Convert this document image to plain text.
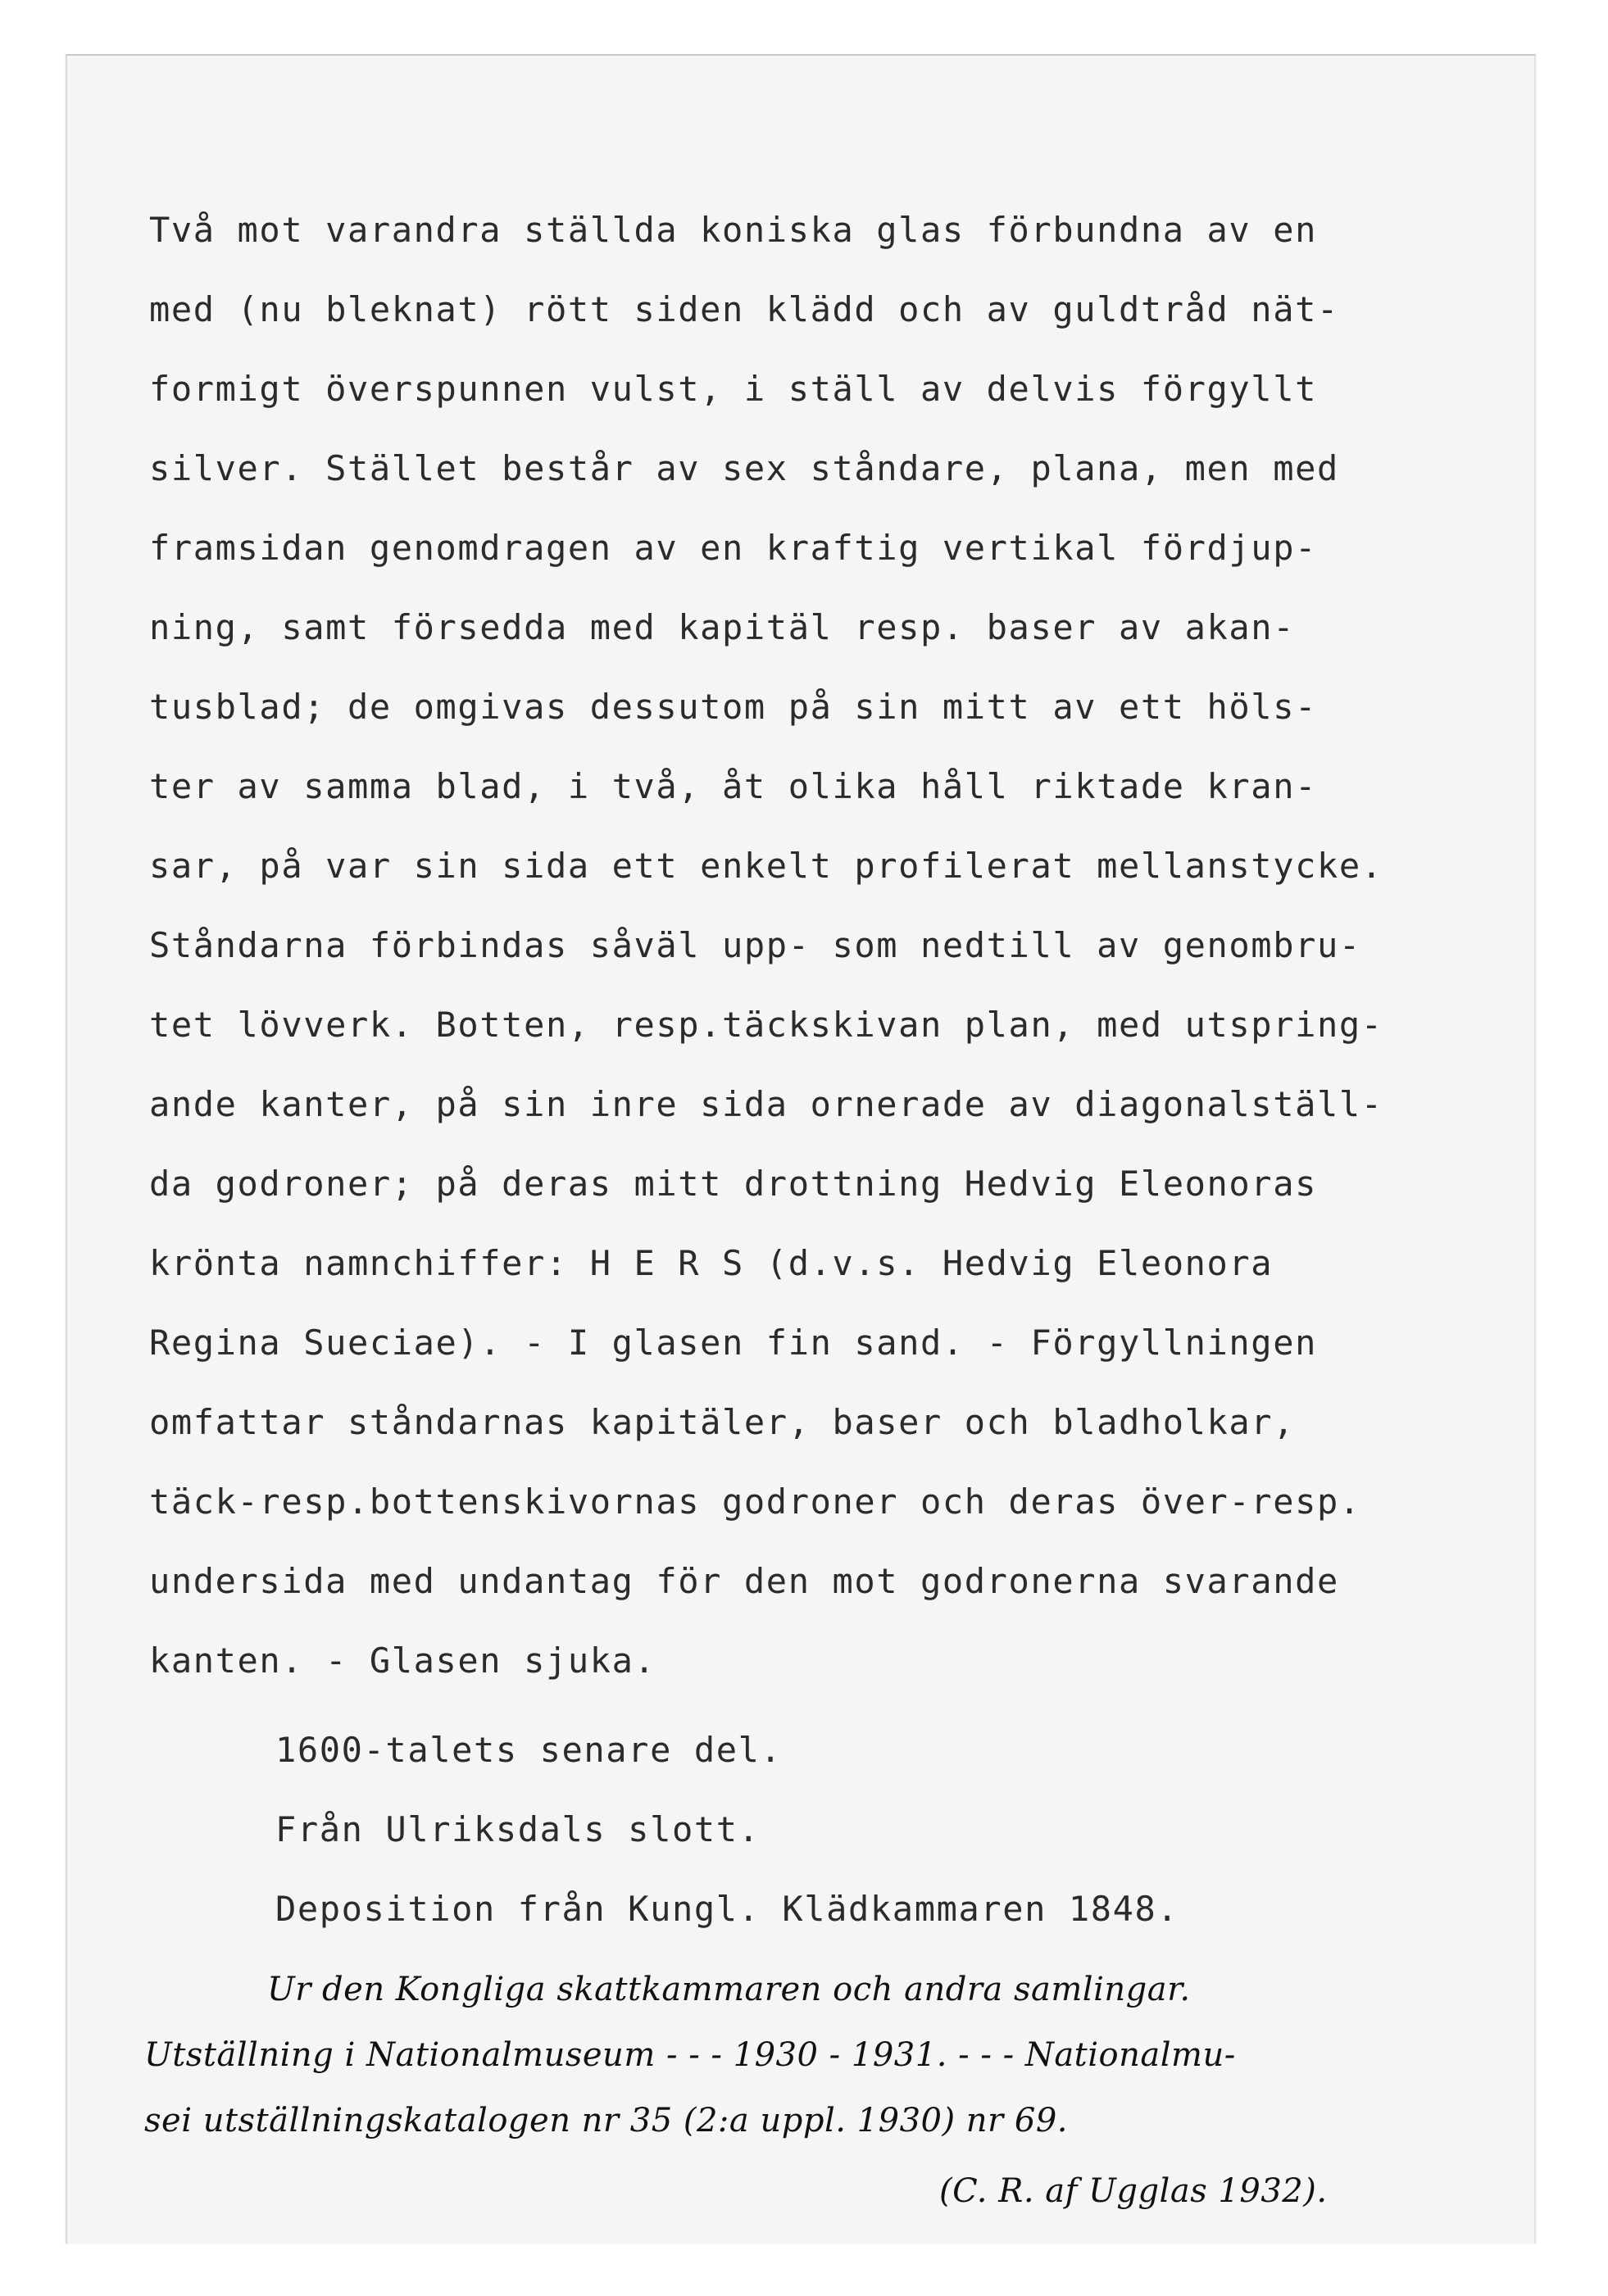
Två mot varandra ställda koniska glas förbundna av en
med (nu bleknat) rött siden klädd och av guldtråd nät-
formigt överspunnen vulst, i ställ av delvis förgyllt
silver. Stället består av sex ståndare, plana, men med
framsidan genomdragen av en kraftig vertikal fördjup-
ning, samt försedda med kapitäl resp. baser av akan-
tusblad; de omgivas dessutom på sin mitt av ett höls-
ter av samma blad, i två, åt olika håll riktade kran-
sar, på var sin sida ett enkelt profilerat mellanstycke.
Ståndarna förbindas såväl upp- som nedtill av genombru-
tet lövverk. Botten, resp.täckskivan plan, med utspring-
ande kanter, på sin inre sida ornerade av diagonalställ-
da godroner; på deras mitt drottning Hedvig Eleonoras
krönta namnchiffer: H E R S (d.v.s. Hedvig Eleonora
Regina Sueciae). - I glasen fin sand. - Förgyllningen
omfattar ståndarnas kapitäler, baser och bladholkar,
täck-resp.bottenskivornas godroner och deras över-resp.
undersida med undantag för den mot godronerna svarande
kanten. - Glasen sjuka.
1600-talets senare del.
Från Ulriksdals slott.
Deposition från Kungl. Klädkammaren 1848.
Ur den Kongliga skattkammaren och andra samlingar.
Utställning i Nationalmuseum - - - 1930 - 1931. - - - Nationalmu-
sei utställningskatalogen nr 35 (2:a uppl. 1930) nr 69.
(C. R. af Ugglas 1932).
